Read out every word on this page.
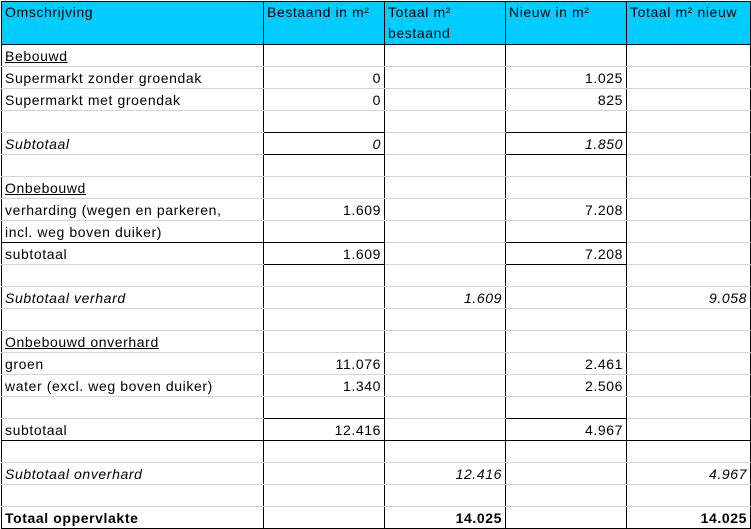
Omschrijving	Bestaand in m²	Totaal m² bestaand	Nieuw in m²	Totaal m² nieuw
Bebouwd				
Supermarkt zonder groendak	0		1.025	
Supermarkt met groendak	0		825	

Subtotaal	0		1.850	

Onbebouwd				
verharding (wegen en parkeren,	1.609		7.208	
incl. weg boven duiker)				
subtotaal	1.609		7.208	

Subtotaal verhard		1.609		9.058

Onbebouwd onverhard				
groen	11.076		2.461	
water (excl. weg boven duiker)	1.340		2.506	

subtotaal	12.416		4.967	

Subtotaal onverhard		12.416		4.967

Totaal oppervlakte		14.025		14.025
